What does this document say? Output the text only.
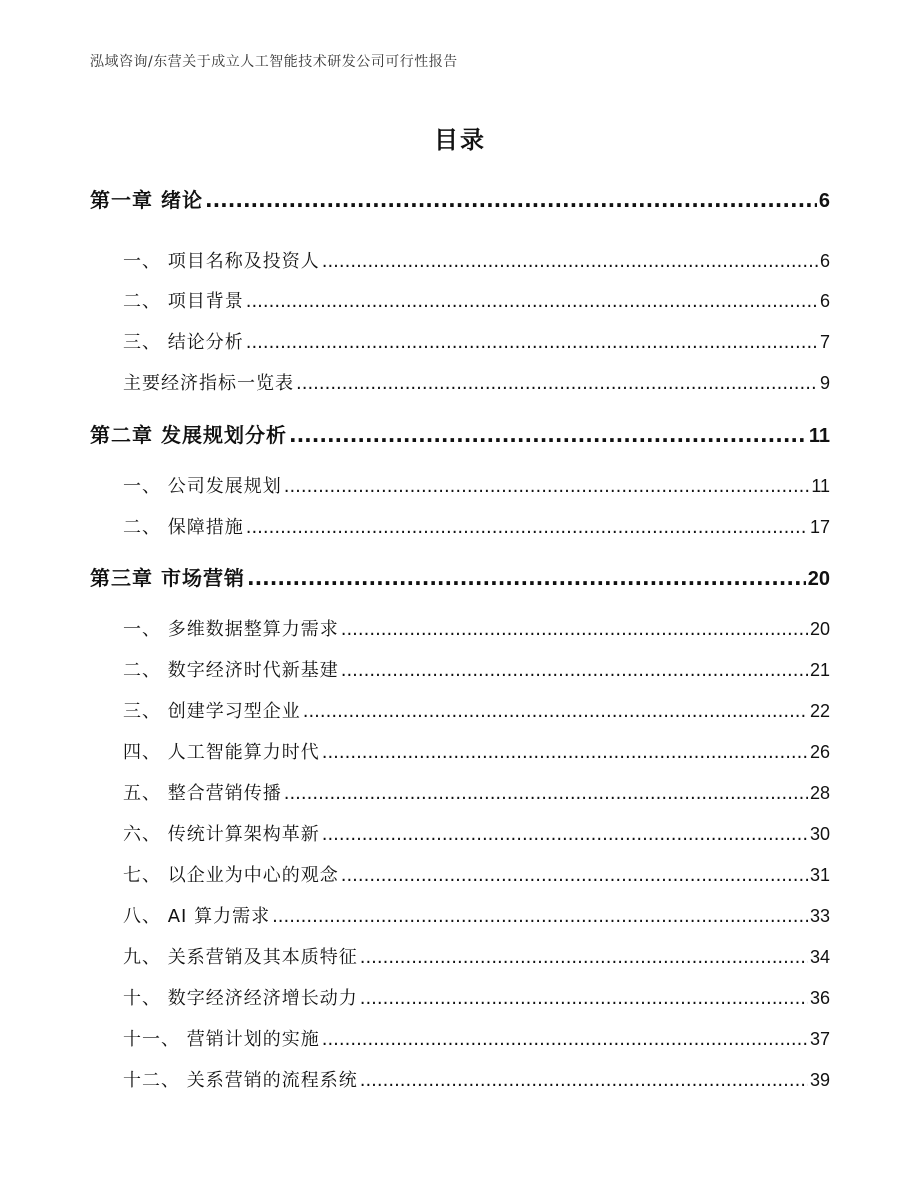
泓域咨询/东营关于成立人工智能技术研发公司可行性报告
目录
第一章 绪论 .....	6
一、 项目名称及投资人 .....	6
二、 项目背景 .....	6
三、 结论分析 .....	7
主要经济指标一览表 .....	9
第二章 发展规划分析 .....	11
一、 公司发展规划 .....	11
二、 保障措施 .....	17
第三章 市场营销 .....	20
一、 多维数据整算力需求 .....	20
二、 数字经济时代新基建 .....	21
三、 创建学习型企业 .....	22
四、 人工智能算力时代 .....	26
五、 整合营销传播 .....	28
六、 传统计算架构革新 .....	30
七、 以企业为中心的观念 .....	31
八、 AI 算力需求 .....	33
九、 关系营销及其本质特征 .....	34
十、 数字经济经济增长动力 .....	36
十一、 营销计划的实施 .....	37
十二、 关系营销的流程系统 .....	39
